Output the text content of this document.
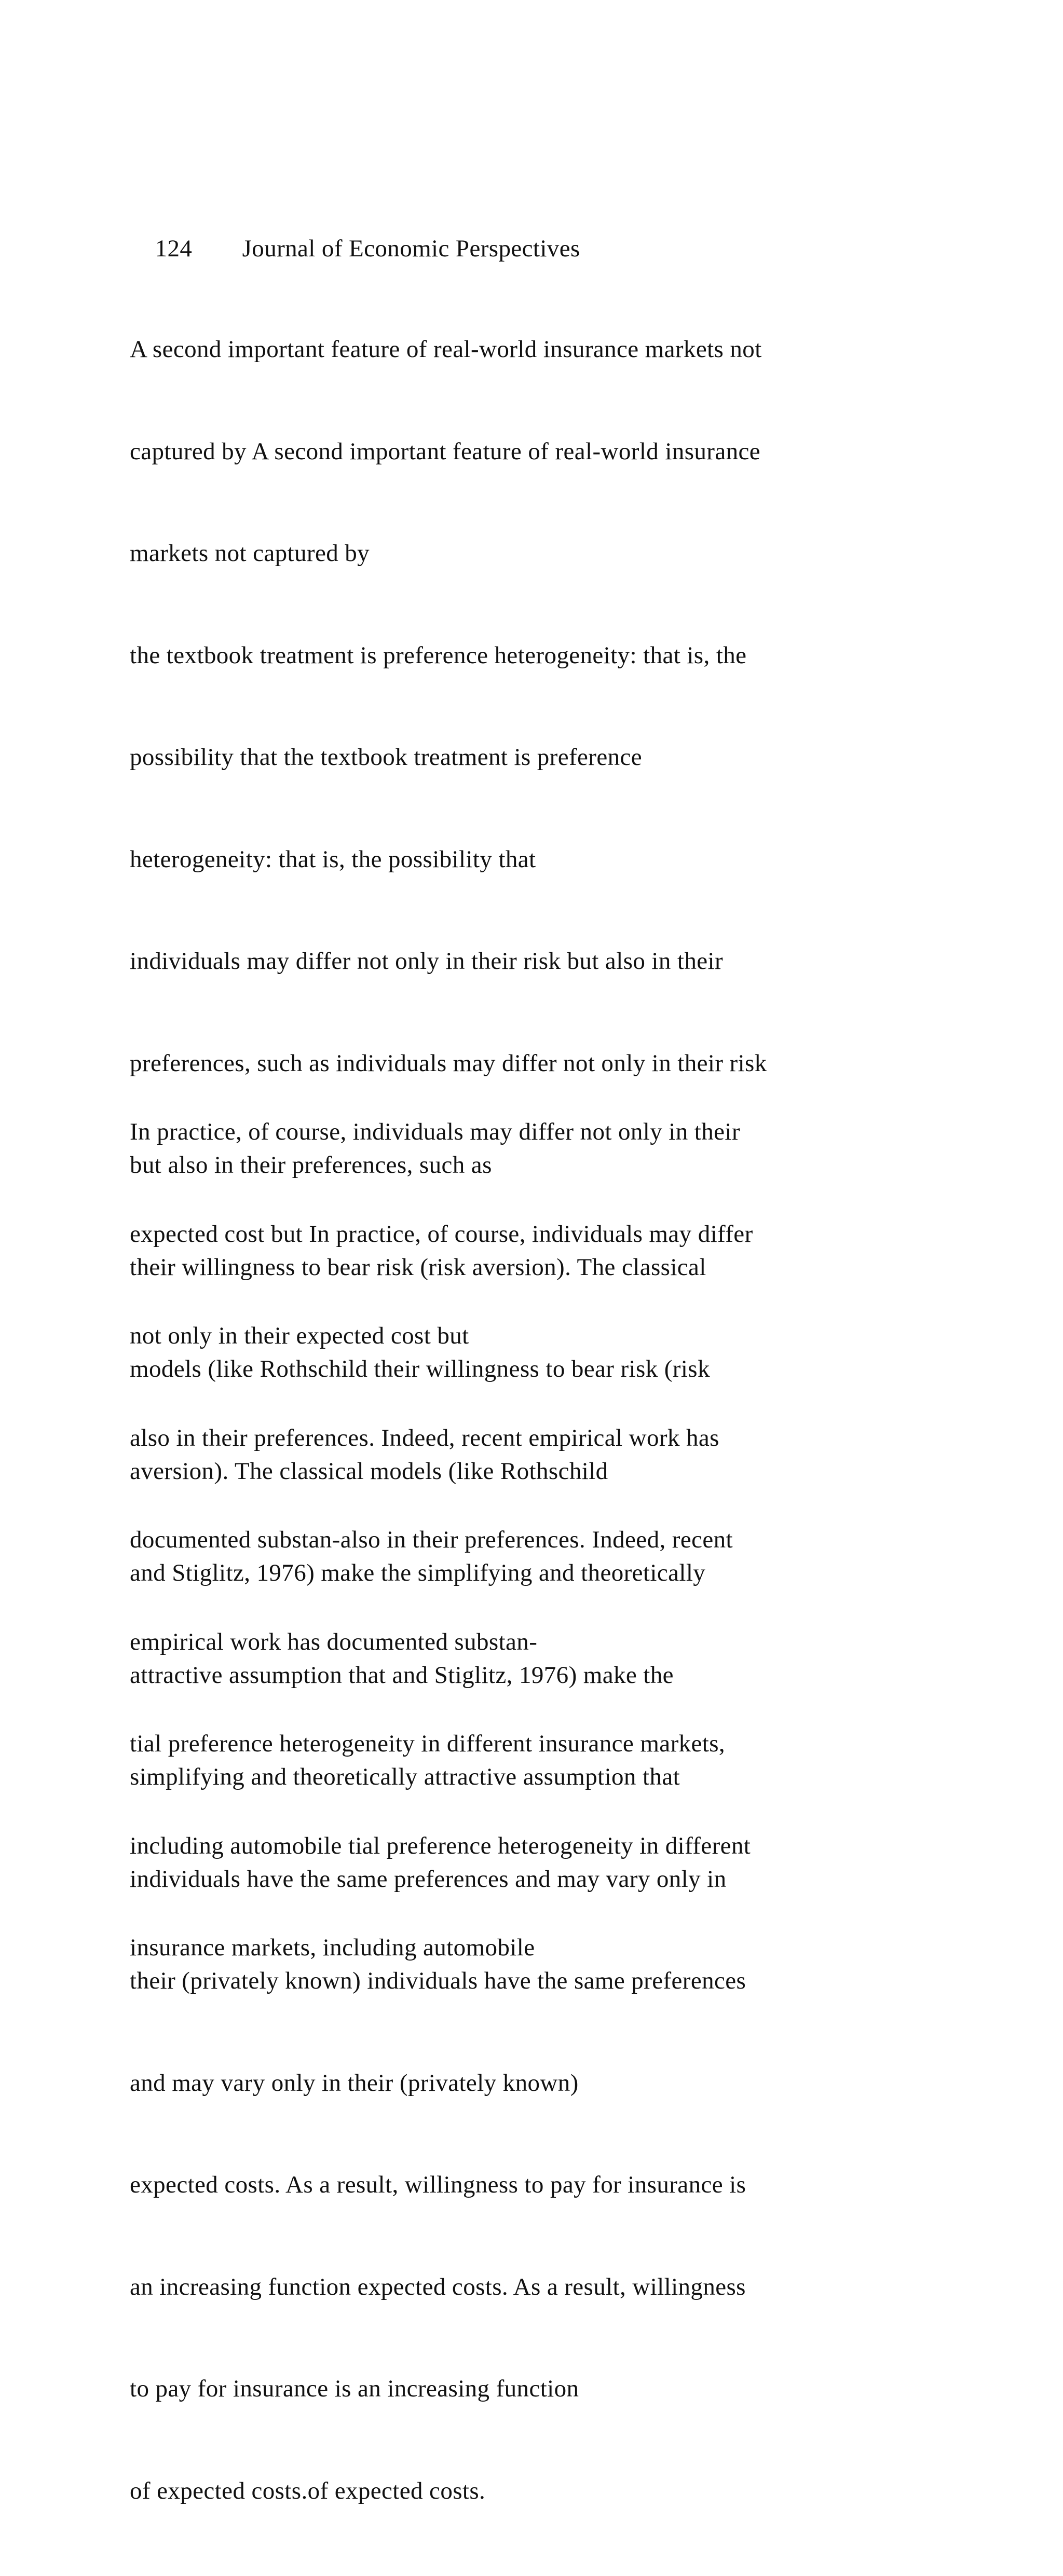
124 Journal of Economic Perspectives

A second important feature of real-world insurance markets not

captured by A second important feature of real-world insurance

markets not captured by

the textbook treatment is preference heterogeneity: that is, the

possibility that the textbook treatment is preference

heterogeneity: that is, the possibility that

individuals may differ not only in their risk but also in their

preferences, such as individuals may differ not only in their risk

but also in their preferences, such as

their willingness to bear risk (risk aversion). The classical

models (like Rothschild their willingness to bear risk (risk

aversion). The classical models (like Rothschild

and Stiglitz, 1976) make the simplifying and theoretically

attractive assumption that and Stiglitz, 1976) make the

simplifying and theoretically attractive assumption that

individuals have the same preferences and may vary only in

their (privately known) individuals have the same preferences

and may vary only in their (privately known)

expected costs. As a result, willingness to pay for insurance is

an increasing function expected costs. As a result, willingness

to pay for insurance is an increasing function

of expected costs.of expected costs.

In practice, of course, individuals may differ not only in their

expected cost but In practice, of course, individuals may differ

not only in their expected cost but

also in their preferences. Indeed, recent empirical work has

documented substan-also in their preferences. Indeed, recent

empirical work has documented substan-

tial preference heterogeneity in different insurance markets,

including automobile tial preference heterogeneity in different

insurance markets, including automobile
